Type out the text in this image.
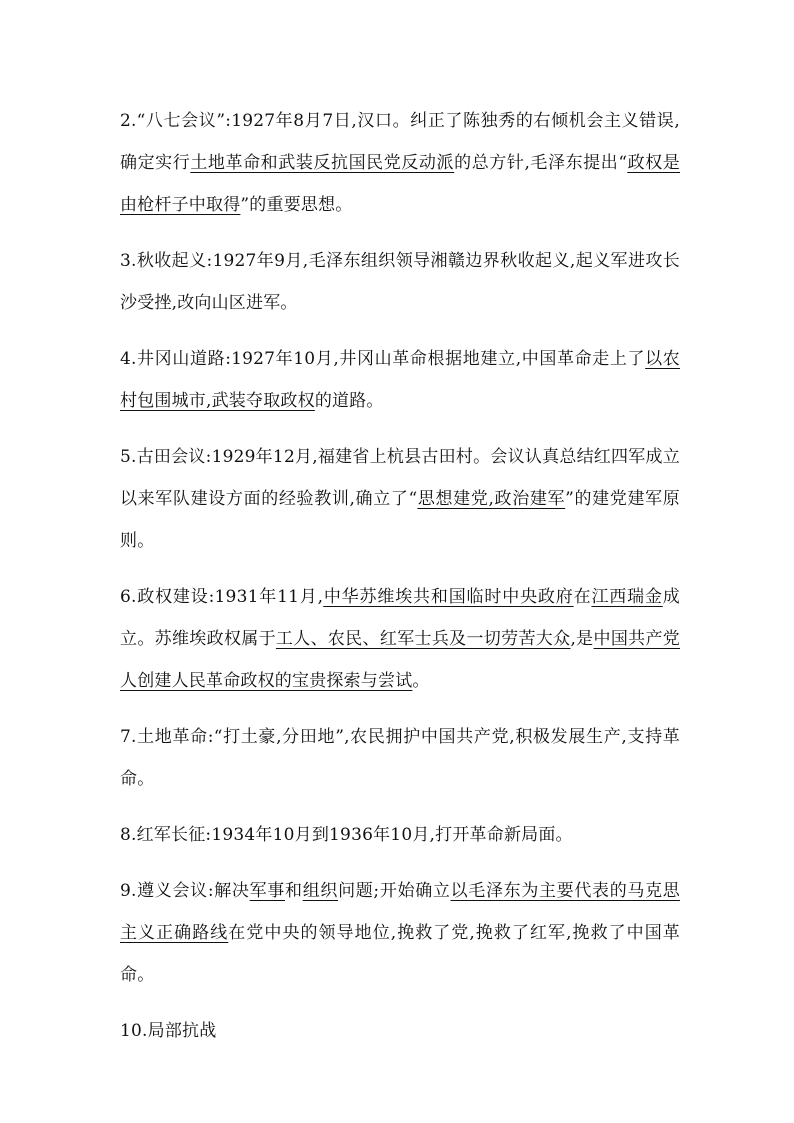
2.“八七会议”:1927年8月7日,汉口。纠正了陈独秀的右倾机会主义错误,确定实行土地革命和武装反抗国民党反动派的总方针,毛泽东提出“政权是由枪杆子中取得”的重要思想。

3.秋收起义:1927年9月,毛泽东组织领导湘赣边界秋收起义,起义军进攻长沙受挫,改向山区进军。

4.井冈山道路:1927年10月,井冈山革命根据地建立,中国革命走上了以农村包围城市,武装夺取政权的道路。

5.古田会议:1929年12月,福建省上杭县古田村。会议认真总结红四军成立以来军队建设方面的经验教训,确立了“思想建党,政治建军”的建党建军原则。

6.政权建设:1931年11月,中华苏维埃共和国临时中央政府在江西瑞金成立。苏维埃政权属于工人、农民、红军士兵及一切劳苦大众,是中国共产党人创建人民革命政权的宝贵探索与尝试。

7.土地革命:“打土豪,分田地”,农民拥护中国共产党,积极发展生产,支持革命。

8.红军长征:1934年10月到1936年10月,打开革命新局面。

9.遵义会议:解决军事和组织问题;开始确立以毛泽东为主要代表的马克思主义正确路线在党中央的领导地位,挽救了党,挽救了红军,挽救了中国革命。

10.局部抗战
